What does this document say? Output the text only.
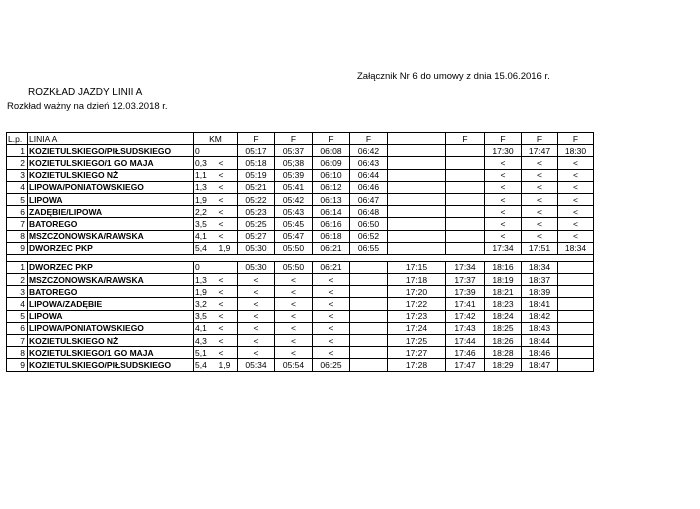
Załącznik Nr 6 do umowy z dnia 15.06.2016 r.
ROZKŁAD JAZDY LINII A
Rozkład ważny na dzień 12.03.2018 r.
L.p.	LINIA A	KM		F	F	F	F		F	F	F	F
1	KOZIETULSKIEGO/PIŁSUDSKIEGO	0		05:17	05:37	06:08	06:42			17:30	17:47	18:30
2	KOZIETULSKIEGO/1 GO MAJA	0,3	<	05:18	05;38	06:09	06:43			<	<	<
3	KOZIETULSKIEGO NŻ	1,1	<	05:19	05:39	06:10	06:44			<	<	<
4	LIPOWA/PONIATOWSKIEGO	1,3	<	05:21	05:41	06:12	06:46			<	<	<
5	LIPOWA	1,9	<	05:22	05:42	06:13	06:47			<	<	<
6	ZADĘBIE/LIPOWA	2,2	<	05:23	05:43	06:14	06:48			<	<	<
7	BATOREGO	3,5	<	05:25	05:45	06:16	06:50			<	<	<
8	MSZCZONOWSKA/RAWSKA	4,1	<	05:27	05:47	06:18	06:52			<	<	<
9	DWORZEC PKP	5,4	1,9	05:30	05:50	06:21	06:55			17:34	17:51	18:34

1	DWORZEC PKP	0		05:30	05:50	06:21		17:15	17:34	18:16	18:34	
2	MSZCZONOWSKA/RAWSKA	1,3	<	<	<	<		17:18	17:37	18:19	18:37	
3	BATOREGO	1,9	<	<	<	<		17:20	17:39	18:21	18:39	
4	LIPOWA/ZADĘBIE	3,2	<	<	<	<		17:22	17:41	18:23	18:41	
5	LIPOWA	3,5	<	<	<	<		17:23	17:42	18:24	18:42	
6	LIPOWA/PONIATOWSKIEGO	4,1	<	<	<	<		17:24	17:43	18:25	18:43	
7	KOZIETULSKIEGO NŻ	4,3	<	<	<	<		17:25	17:44	18:26	18:44	
8	KOZIETULSKIEGO/1 GO MAJA	5,1	<	<	<	<		17:27	17:46	18:28	18:46	
9	KOZIETULSKIEGO/PIŁSUDSKIEGO	5,4	1,9	05:34	05:54	06:25		17:28	17:47	18:29	18:47	
